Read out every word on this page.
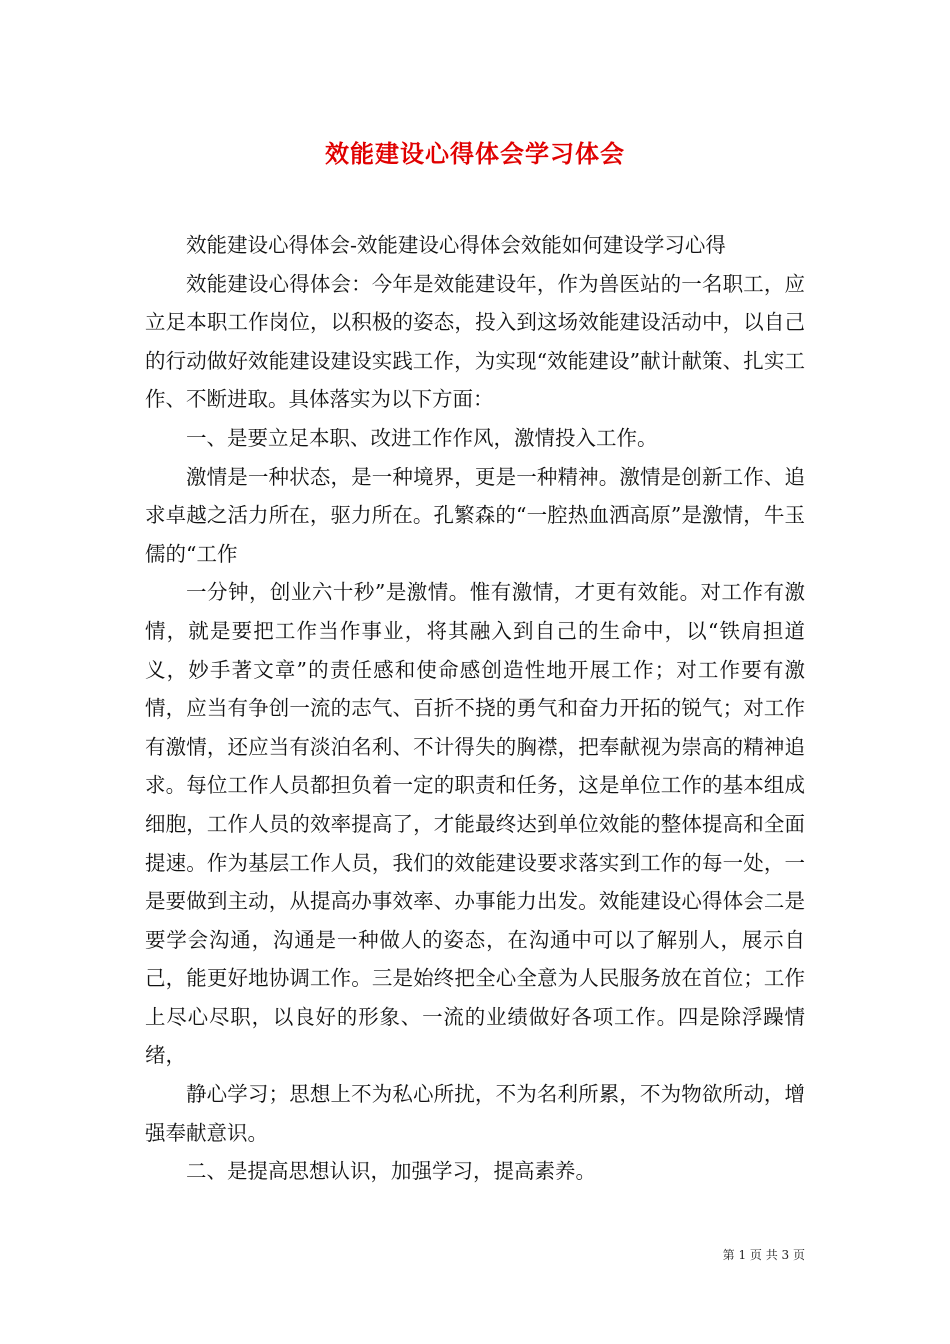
效能建设心得体会学习体会

效能建设心得体会-效能建设心得体会效能如何建设学习心得

效能建设心得体会：今年是效能建设年，作为兽医站的一名职工，应立足本职工作岗位，以积极的姿态，投入到这场效能建设活动中，以自己的行动做好效能建设建设实践工作，为实现“效能建设”献计献策、扎实工作、不断进取。具体落实为以下方面：

一、是要立足本职、改进工作作风，激情投入工作。

激情是一种状态，是一种境界，更是一种精神。激情是创新工作、追求卓越之活力所在，驱力所在。孔繁森的“一腔热血洒高原”是激情，牛玉儒的“工作

一分钟，创业六十秒”是激情。惟有激情，才更有效能。对工作有激情，就是要把工作当作事业，将其融入到自己的生命中，以“铁肩担道义，妙手著文章”的责任感和使命感创造性地开展工作；对工作要有激情，应当有争创一流的志气、百折不挠的勇气和奋力开拓的锐气；对工作有激情，还应当有淡泊名利、不计得失的胸襟，把奉献视为崇高的精神追求。每位工作人员都担负着一定的职责和任务，这是单位工作的基本组成细胞，工作人员的效率提高了，才能最终达到单位效能的整体提高和全面提速。作为基层工作人员，我们的效能建设要求落实到工作的每一处，一是要做到主动，从提高办事效率、办事能力出发。效能建设心得体会二是要学会沟通，沟通是一种做人的姿态，在沟通中可以了解别人，展示自己，能更好地协调工作。三是始终把全心全意为人民服务放在首位；工作上尽心尽职，以良好的形象、一流的业绩做好各项工作。四是除浮躁情绪，

静心学习；思想上不为私心所扰，不为名利所累，不为物欲所动，增强奉献意识。

二、是提高思想认识，加强学习，提高素养。

第 1 页 共 3 页
